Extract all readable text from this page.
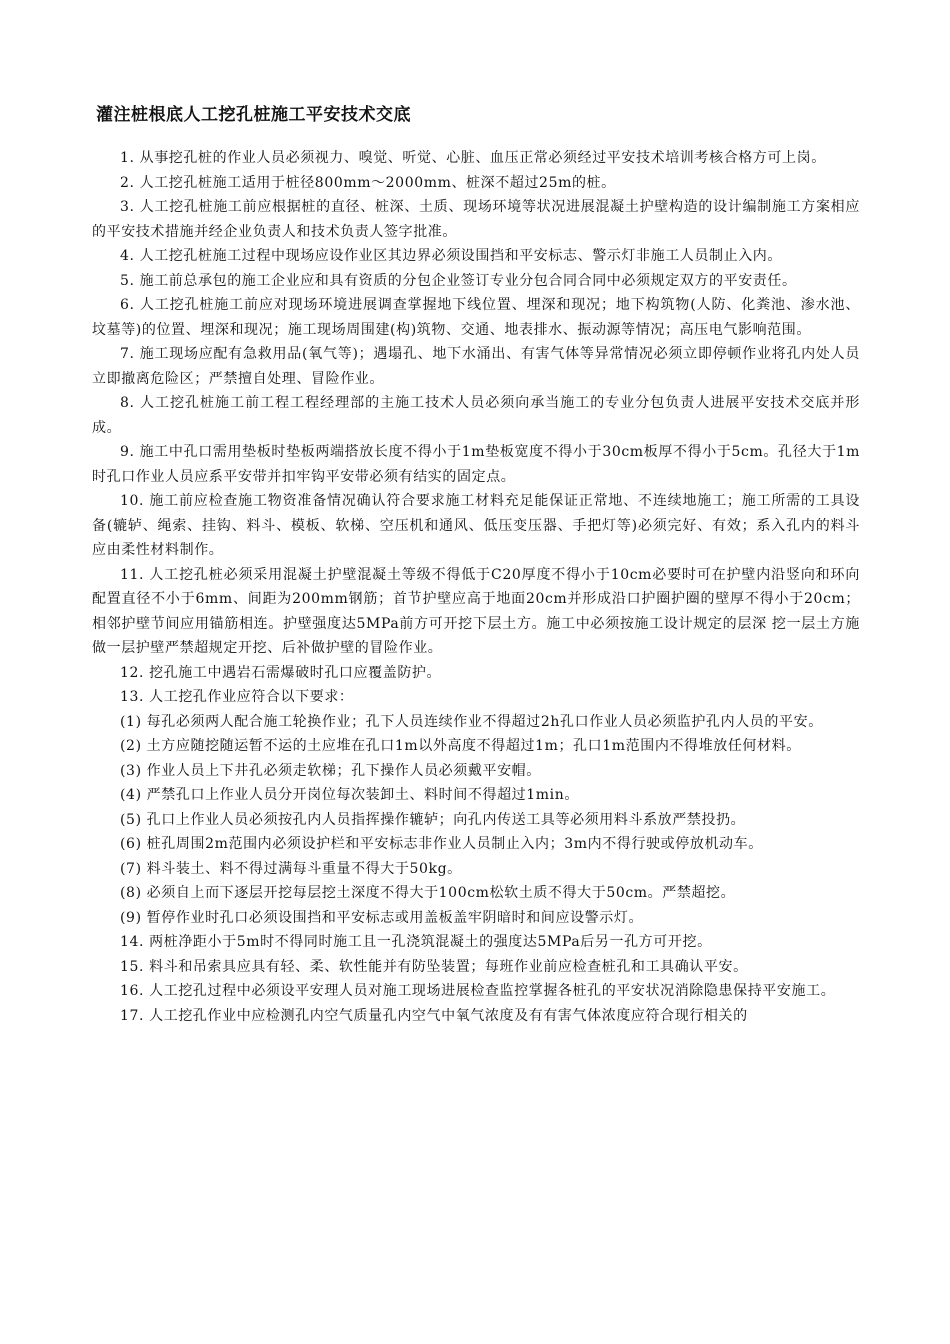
灌注桩根底人工挖孔桩施工平安技术交底

1. 从事挖孔桩的作业人员必须视力、嗅觉、听觉、心脏、血压正常必须经过平安技术培训考核合格方可上岗。

2. 人工挖孔桩施工适用于桩径800mm～2000mm、桩深不超过25m的桩。

3. 人工挖孔桩施工前应根据桩的直径、桩深、土质、现场环境等状况进展混凝土护壁构造的设计编制施工方案相应的平安技术措施并经企业负责人和技术负责人签字批准。

4. 人工挖孔桩施工过程中现场应设作业区其边界必须设围挡和平安标志、警示灯非施工人员制止入内。

5. 施工前总承包的施工企业应和具有资质的分包企业签订专业分包合同合同中必须规定双方的平安责任。

6. 人工挖孔桩施工前应对现场环境进展调查掌握地下线位置、埋深和现况；地下构筑物(人防、化粪池、渗水池、坟墓等)的位置、埋深和现况；施工现场周围建(构)筑物、交通、地表排水、振动源等情况；高压电气影响范围。

7. 施工现场应配有急救用品(氧气等)；遇塌孔、地下水涌出、有害气体等异常情况必须立即停顿作业将孔内处人员立即撤离危险区；严禁擅自处理、冒险作业。

8. 人工挖孔桩施工前工程工程经理部的主施工技术人员必须向承当施工的专业分包负责人进展平安技术交底并形成。

9. 施工中孔口需用垫板时垫板两端搭放长度不得小于1m垫板宽度不得小于30cm板厚不得小于5cm。孔径大于1m时孔口作业人员应系平安带并扣牢钩平安带必须有结实的固定点。

10. 施工前应检查施工物资准备情况确认符合要求施工材料充足能保证正常地、不连续地施工；施工所需的工具设备(辘轳、绳索、挂钩、料斗、模板、软梯、空压机和通风、低压变压器、手把灯等)必须完好、有效；系入孔内的料斗应由柔性材料制作。

11. 人工挖孔桩必须采用混凝土护壁混凝土等级不得低于C20厚度不得小于10cm必要时可在护壁内沿竖向和环向配置直径不小于6mm、间距为200mm钢筋；首节护壁应高于地面20cm并形成沿口护圈护圈的壁厚不得小于20cm；相邻护壁节间应用锚筋相连。护壁强度达5MPa前方可开挖下层土方。施工中必须按施工设计规定的层深 挖一层土方施做一层护壁严禁超规定开挖、后补做护壁的冒险作业。

12. 挖孔施工中遇岩石需爆破时孔口应覆盖防护。

13. 人工挖孔作业应符合以下要求：

(1) 每孔必须两人配合施工轮换作业；孔下人员连续作业不得超过2h孔口作业人员必须监护孔内人员的平安。

(2) 土方应随挖随运暂不运的土应堆在孔口1m以外高度不得超过1m；孔口1m范围内不得堆放任何材料。

(3) 作业人员上下井孔必须走软梯；孔下操作人员必须戴平安帽。

(4) 严禁孔口上作业人员分开岗位每次装卸土、料时间不得超过1min。

(5) 孔口上作业人员必须按孔内人员指挥操作辘轳；向孔内传送工具等必须用料斗系放严禁投扔。

(6) 桩孔周围2m范围内必须设护栏和平安标志非作业人员制止入内；3m内不得行驶或停放机动车。

(7) 料斗装土、料不得过满每斗重量不得大于50kg。

(8) 必须自上而下逐层开挖每层挖土深度不得大于100cm松软土质不得大于50cm。严禁超挖。

(9) 暂停作业时孔口必须设围挡和平安标志或用盖板盖牢阴暗时和间应设警示灯。

14. 两桩净距小于5m时不得同时施工且一孔浇筑混凝土的强度达5MPa后另一孔方可开挖。

15. 料斗和吊索具应具有轻、柔、软性能并有防坠装置；每班作业前应检查桩孔和工具确认平安。

16. 人工挖孔过程中必须设平安理人员对施工现场进展检查监控掌握各桩孔的平安状况消除隐患保持平安施工。

17. 人工挖孔作业中应检测孔内空气质量孔内空气中氧气浓度及有有害气体浓度应符合现行相关的
